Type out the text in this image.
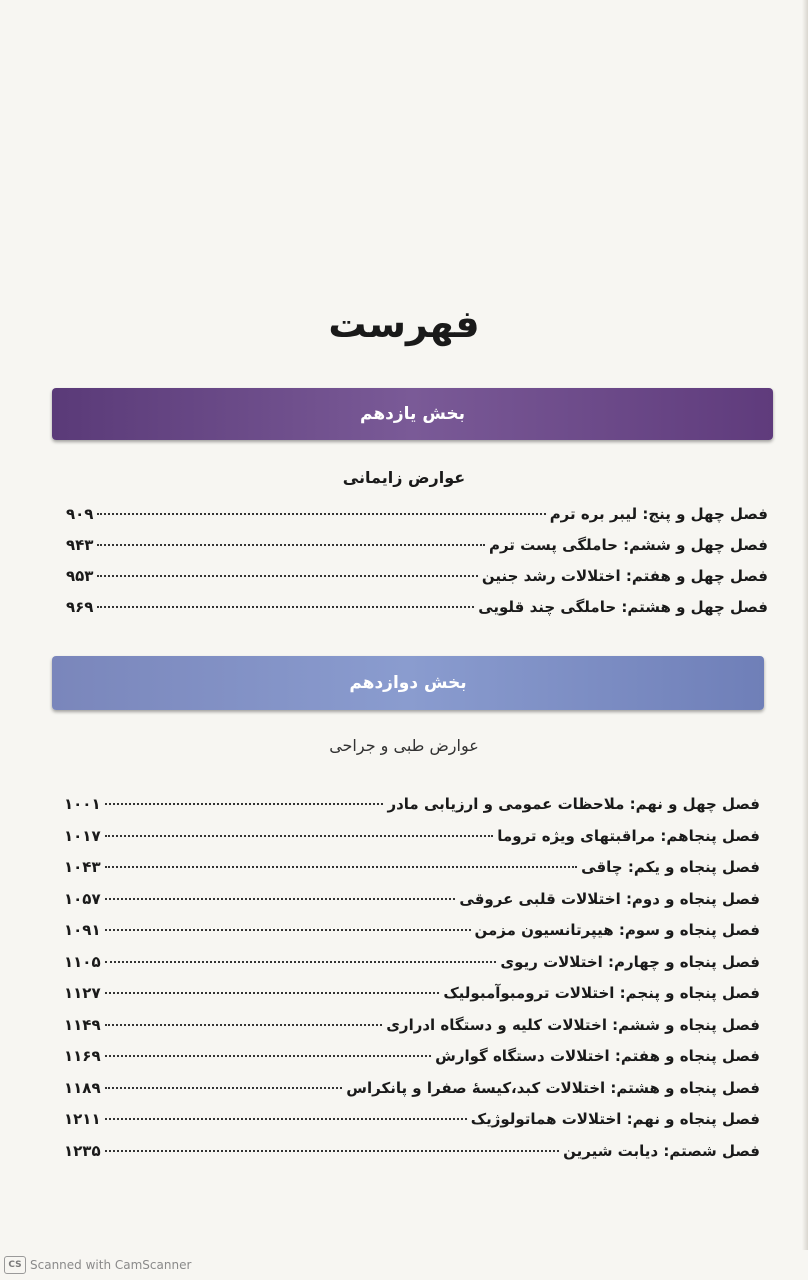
فهرست
بخش یازدهم
عوارض زایمانی
فصل چهل و پنج: لیبر بره ترم
۹۰۹
فصل چهل و ششم: حاملگی پست ترم
۹۴۳
فصل چهل و هفتم: اختلالات رشد جنین
۹۵۳
فصل چهل و هشتم: حاملگی چند قلویی
۹۶۹
بخش دوازدهم
عوارض طبی و جراحی
فصل چهل و نهم: ملاحظات عمومی و ارزیابی مادر
۱۰۰۱
فصل پنجاهم: مراقبتهای ویژه تروما
۱۰۱۷
فصل پنجاه و یکم: چاقی
۱۰۴۳
فصل پنجاه و دوم: اختلالات قلبی عروقی
۱۰۵۷
فصل پنجاه و سوم: هیپرتانسیون مزمن
۱۰۹۱
فصل پنجاه و چهارم: اختلالات ریوی
۱۱۰۵
فصل پنجاه و پنجم: اختلالات ترومبوآمبولیک
۱۱۲۷
فصل پنجاه و ششم: اختلالات کلیه و دستگاه ادراری
۱۱۴۹
فصل پنجاه و هفتم: اختلالات دستگاه گوارش
۱۱۶۹
فصل پنجاه و هشتم: اختلالات کبد،کیسهٔ صفرا و پانکراس
۱۱۸۹
فصل پنجاه و نهم: اختلالات هماتولوژیک
۱۲۱۱
فصل شصتم: دیابت شیرین
۱۲۳۵
CS Scanned with CamScanner
